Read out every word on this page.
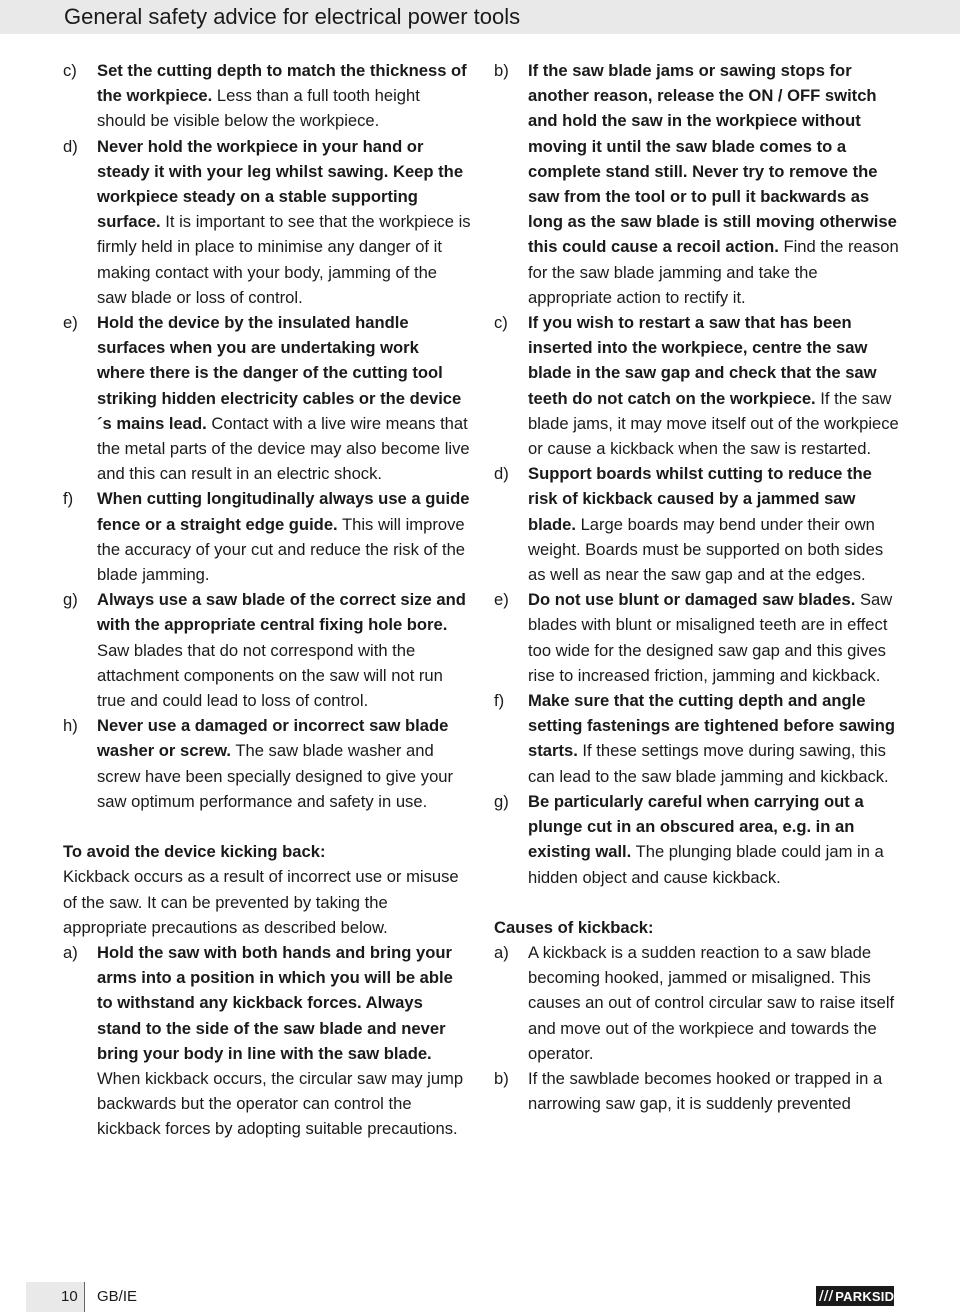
General safety advice for electrical power tools
c) Set the cutting depth to match the thickness of the workpiece. Less than a full tooth height should be visible below the workpiece.
d) Never hold the workpiece in your hand or steady it with your leg whilst sawing. Keep the workpiece steady on a stable supporting surface. It is important to see that the workpiece is firmly held in place to minimise any danger of it making contact with your body, jamming of the saw blade or loss of control.
e) Hold the device by the insulated handle surfaces when you are undertaking work where there is the danger of the cutting tool striking hidden electricity cables or the device´s mains lead. Contact with a live wire means that the metal parts of the device may also become live and this can result in an electric shock.
f) When cutting longitudinally always use a guide fence or a straight edge guide. This will improve the accuracy of your cut and reduce the risk of the blade jamming.
g) Always use a saw blade of the correct size and with the appropriate central fixing hole bore. Saw blades that do not correspond with the attachment components on the saw will not run true and could lead to loss of control.
h) Never use a damaged or incorrect saw blade washer or screw. The saw blade washer and screw have been specially designed to give your saw optimum performance and safety in use.
To avoid the device kicking back:
Kickback occurs as a result of incorrect use or misuse of the saw. It can be prevented by taking the appropriate precautions as described below.
a) Hold the saw with both hands and bring your arms into a position in which you will be able to withstand any kickback forces. Always stand to the side of the saw blade and never bring your body in line with the saw blade. When kickback occurs, the circular saw may jump backwards but the operator can control the kickback forces by adopting suitable precautions.
b) If the saw blade jams or sawing stops for another reason, release the ON / OFF switch and hold the saw in the workpiece without moving it until the saw blade comes to a complete stand still. Never try to remove the saw from the tool or to pull it backwards as long as the saw blade is still moving otherwise this could cause a recoil action. Find the reason for the saw blade jamming and take the appropriate action to rectify it.
c) If you wish to restart a saw that has been inserted into the workpiece, centre the saw blade in the saw gap and check that the saw teeth do not catch on the workpiece. If the saw blade jams, it may move itself out of the workpiece or cause a kickback when the saw is restarted.
d) Support boards whilst cutting to reduce the risk of kickback caused by a jammed saw blade. Large boards may bend under their own weight. Boards must be supported on both sides as well as near the saw gap and at the edges.
e) Do not use blunt or damaged saw blades. Saw blades with blunt or misaligned teeth are in effect too wide for the designed saw gap and this gives rise to increased friction, jamming and kickback.
f) Make sure that the cutting depth and angle setting fastenings are tightened before sawing starts. If these settings move during sawing, this can lead to the saw blade jamming and kickback.
g) Be particularly careful when carrying out a plunge cut in an obscured area, e.g. in an existing wall. The plunging blade could jam in a hidden object and cause kickback.
Causes of kickback:
a) A kickback is a sudden reaction to a saw blade becoming hooked, jammed or misaligned. This causes an out of control circular saw to raise itself and move out of the workpiece and towards the operator.
b) If the sawblade becomes hooked or trapped in a narrowing saw gap, it is suddenly prevented
10 GB/IE	/// PARKSIDE
